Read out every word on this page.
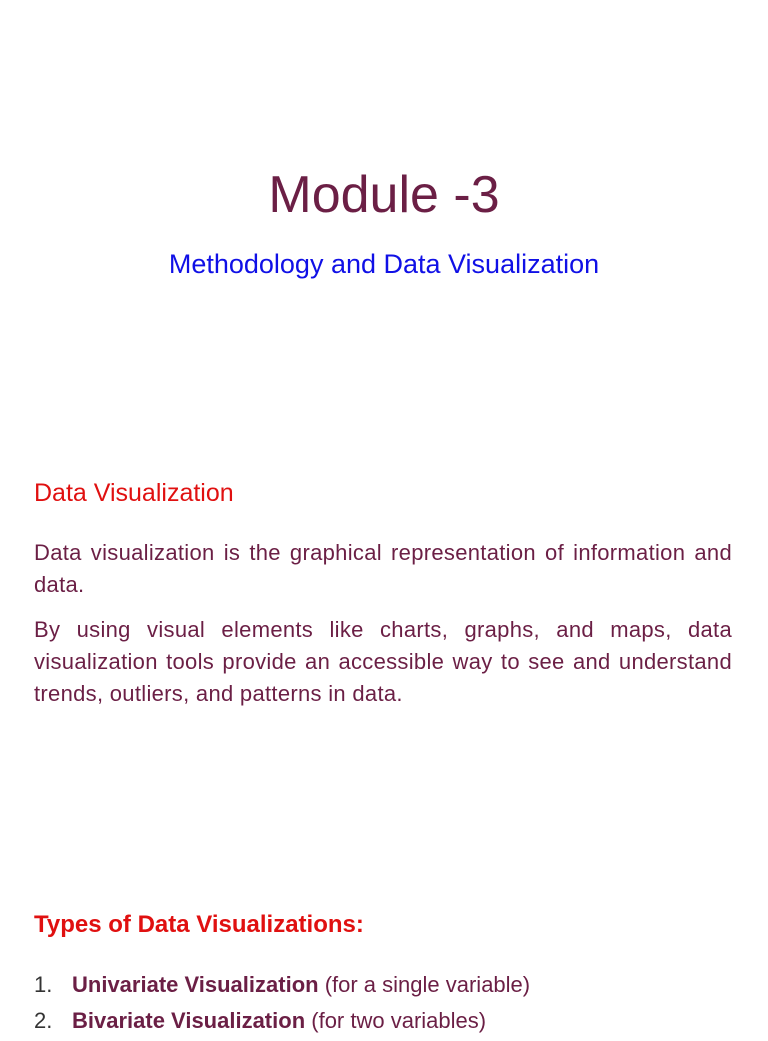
Module -3
Methodology and Data Visualization
Data Visualization

Data visualization is the graphical representation of information and data.

By using visual elements like charts, graphs, and maps, data visualization tools provide an accessible way to see and understand trends, outliers, and patterns in data.

Types of Data Visualizations:
1. Univariate Visualization (for a single variable)
2. Bivariate Visualization (for two variables)
